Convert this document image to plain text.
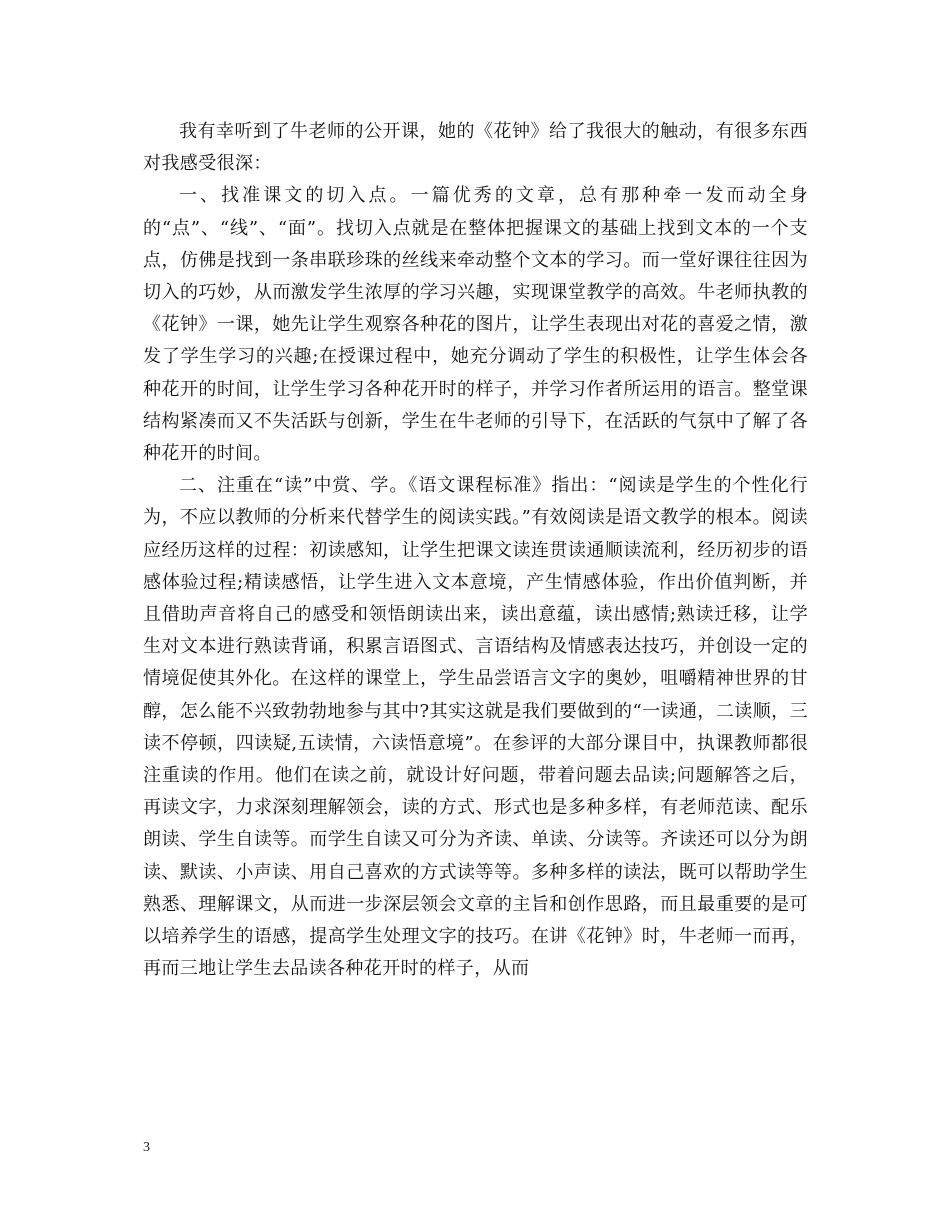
我有幸听到了牛老师的公开课，她的《花钟》给了我很大的触动，有很多东西对我感受很深：

一、找准课文的切入点。一篇优秀的文章，总有那种牵一发而动全身的“点”、“线”、“面”。找切入点就是在整体把握课文的基础上找到文本的一个支点，仿佛是找到一条串联珍珠的丝线来牵动整个文本的学习。而一堂好课往往因为切入的巧妙，从而激发学生浓厚的学习兴趣，实现课堂教学的高效。牛老师执教的《花钟》一课，她先让学生观察各种花的图片，让学生表现出对花的喜爱之情，激发了学生学习的兴趣;在授课过程中，她充分调动了学生的积极性，让学生体会各种花开的时间，让学生学习各种花开时的样子，并学习作者所运用的语言。整堂课结构紧凑而又不失活跃与创新，学生在牛老师的引导下，在活跃的气氛中了解了各种花开的时间。

二、注重在“读”中赏、学。《语文课程标准》指出：“阅读是学生的个性化行为，不应以教师的分析来代替学生的阅读实践。”有效阅读是语文教学的根本。阅读应经历这样的过程：初读感知，让学生把课文读连贯读通顺读流利，经历初步的语感体验过程;精读感悟，让学生进入文本意境，产生情感体验，作出价值判断，并且借助声音将自己的感受和领悟朗读出来，读出意蕴，读出感情;熟读迁移，让学生对文本进行熟读背诵，积累言语图式、言语结构及情感表达技巧，并创设一定的情境促使其外化。在这样的课堂上，学生品尝语言文字的奥妙，咀嚼精神世界的甘醇，怎么能不兴致勃勃地参与其中?其实这就是我们要做到的“一读通，二读顺，三读不停顿，四读疑,五读情，六读悟意境”。在参评的大部分课目中，执课教师都很注重读的作用。他们在读之前，就设计好问题，带着问题去品读;问题解答之后，再读文字，力求深刻理解领会，读的方式、形式也是多种多样，有老师范读、配乐朗读、学生自读等。而学生自读又可分为齐读、单读、分读等。齐读还可以分为朗读、默读、小声读、用自己喜欢的方式读等等。多种多样的读法，既可以帮助学生熟悉、理解课文，从而进一步深层领会文章的主旨和创作思路，而且最重要的是可以培养学生的语感，提高学生处理文字的技巧。在讲《花钟》时，牛老师一而再，再而三地让学生去品读各种花开时的样子，从而

3
